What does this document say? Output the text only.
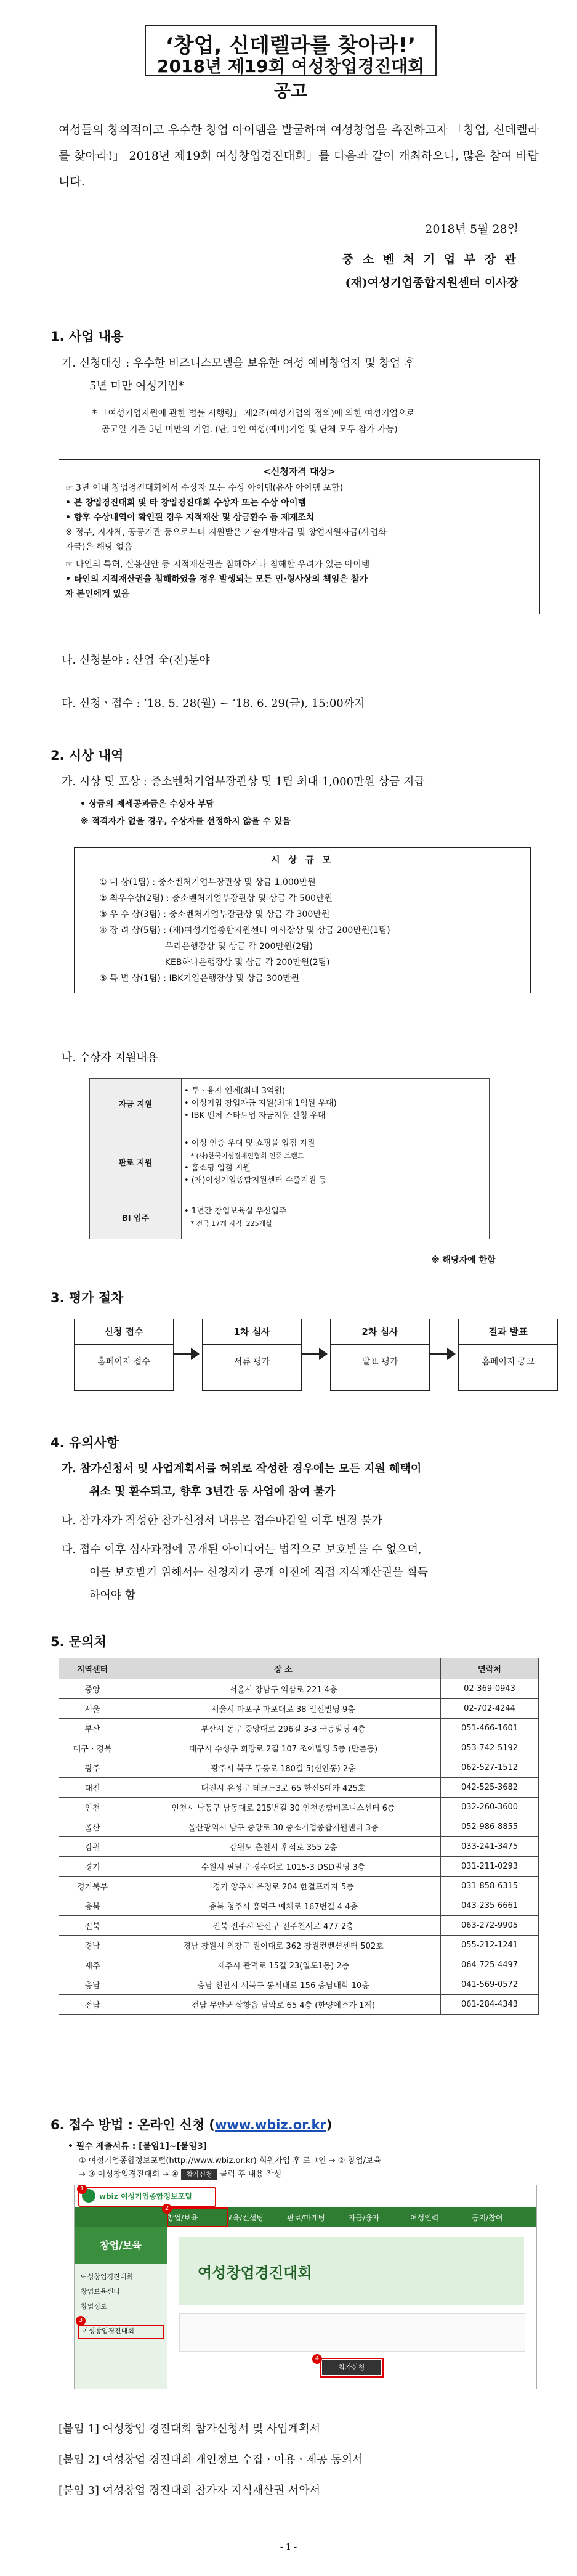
‘창업, 신데렐라를 찾아라!’
2018년 제19회 여성창업경진대회 공고
여성들의 창의적이고 우수한 창업 아이템을 발굴하여 여성창업을 촉진하고자 「창업, 신데렐라를 찾아라!」 2018년 제19회 여성창업경진대회」를 다음과 같이 개최하오니, 많은 참여 바랍니다.
2018년 5월 28일
중 소 벤 처 기 업 부 장 관
(재)여성기업종합지원센터 이사장
1. 사업 내용
가. 신청대상 : 우수한 비즈니스모델을 보유한 여성 예비창업자 및 창업 후
5년 미만 여성기업*
* 「여성기업지원에 관한 법률 시행령」 제2조(여성기업의 정의)에 의한 여성기업으로
공고일 기준 5년 미만의 기업. (단, 1인 여성(예비)기업 및 단체 모두 참가 가능)
<신청자격 대상>
☞ 3년 이내 창업경진대회에서 수상자 또는 수상 아이템(유사 아이템 포함)
• 본 창업경진대회 및 타 창업경진대회 수상자 또는 수상 아이템
• 향후 수상내역이 확인된 경우 지적재산 및 상금환수 등 제재조치
※ 정부, 지자체, 공공기관 등으로부터 지원받은 기술개발자금 및 창업지원자금(사업화
자금)은 해당 없음
☞ 타인의 특허, 실용신안 등 지적재산권을 침해하거나 침해할 우려가 있는 아이템
• 타인의 지적재산권을 침해하였을 경우 발생되는 모든 민·형사상의 책임은 참가
자 본인에게 있음
나. 신청분야 : 산업 全(전)분야
다. 신청ㆍ접수 : ‘18. 5. 28(월) ~ ‘18. 6. 29(금), 15:00까지
2. 시상 내역
가. 시상 및 포상 : 중소벤처기업부장관상 및 1팀 최대 1,000만원 상금 지급
• 상금의 제세공과금은 수상자 부담
※ 적격자가 없을 경우, 수상자를 선정하지 않을 수 있음
시 상 규 모
① 대 상(1팀) : 중소벤처기업부장관상 및 상금 1,000만원
② 최우수상(2팀) : 중소벤처기업부장관상 및 상금 각 500만원
③ 우 수 상(3팀) : 중소벤처기업부장관상 및 상금 각 300만원
④ 장 려 상(5팀) : (재)여성기업종합지원센터 이사장상 및 상금 200만원(1팀)
우리은행장상 및 상금 각 200만원(2팀)
KEB하나은행장상 및 상금 각 200만원(2팀)
⑤ 특 별 상(1팀) : IBK기업은행장상 및 상금 300만원
나. 수상자 지원내용
자금 지원	• 투ㆍ융자 연계(최대 3억원)
• 여성기업 창업자금 지원(최대 1억원 우대)
• IBK 벤처 스타트업 자금지원 신청 우대

판로 지원	• 여성 인증 우대 및 쇼핑몰 입점 지원
* (사)한국여성경제인협회 인증 브랜드
• 홈쇼핑 입점 지원
• (재)여성기업종합지원센터 수출지원 등

BI 입주	• 1년간 창업보육실 우선입주
* 전국 17개 지역, 225개실
※ 해당자에 한함
3. 평가 절차
신청 접수
홈페이지 접수
1차 심사
서류 평가
2차 심사
발표 평가
결과 발표
홈페이지 공고
4. 유의사항
가. 참가신청서 및 사업계획서를 허위로 작성한 경우에는 모든 지원 혜택이
취소 및 환수되고, 향후 3년간 동 사업에 참여 불가
나. 참가자가 작성한 참가신청서 내용은 접수마감일 이후 변경 불가
다. 접수 이후 심사과정에 공개된 아이디어는 법적으로 보호받을 수 없으며,
이를 보호받기 위해서는 신청자가 공개 이전에 직접 지식재산권을 획득
하여야 함
5. 문의처
지역센터	장 소	연락처
중앙	서울시 강남구 역삼로 221 4층	02-369-0943
서울	서울시 마포구 마포대로 38 일신빌딩 9층	02-702-4244
부산	부산시 동구 중앙대로 296길 3-3 국동빌딩 4층	051-466-1601
대구ㆍ경북	대구시 수성구 희망로 2길 107 조이빌딩 5층 (만촌동)	053-742-5192
광주	광주시 북구 무등로 180길 5(신안동) 2층	062-527-1512
대전	대전시 유성구 테크노3로 65 한신S메카 425호	042-525-3682
인천	인천시 남동구 남동대로 215번길 30 인천종합비즈니스센터 6층	032-260-3600
울산	울산광역시 남구 중앙로 30 중소기업종합지원센터 3층	052-986-8855
강원	강원도 춘천시 후석로 355 2층	033-241-3475
경기	수원시 팔달구 경수대로 1015-3 DSD빌딩 3층	031-211-0293
경기북부	경기 양주시 옥정로 204 한결프라자 5층	031-858-6315
충북	충북 청주시 흥덕구 예체로 167번길 4 4층	043-235-6661
전북	전북 전주시 완산구 전주천서로 477 2층	063-272-9905
경남	경남 창원시 의창구 원이대로 362 창원컨벤션센터 502호	055-212-1241
제주	제주시 관덕로 15길 23(일도1동) 2층	064-725-4497
충남	충남 천안시 서북구 동서대로 156 충남대학 10층	041-569-0572
전남	전남 무안군 삼향읍 남악로 65 4층 (한양에스가 1제)	061-284-4343
6. 접수 방법 : 온라인 신청 (www.wbiz.or.kr)
• 필수 제출서류 : [붙임1]~[붙임3]
① 여성기업종합정보포털(http://www.wbiz.or.kr) 회원가입 후 로그인 → ② 창업/보육
→ ③ 여성창업경진대회 → ④ 참가신청 클릭 후 내용 작성
wbiz 여성기업종합정보포털
1
창업/보육	교육/컨설팅	판로/마케팅	자금/융자	여성인력	공지/참여
창업/보육
여성창업경진대회
창업보육센터
창업정보
여성창업경진대회
3
여성창업경진대회
참가신청
4
2
[붙임 1] 여성창업 경진대회 참가신청서 및 사업계획서
[붙임 2] 여성창업 경진대회 개인정보 수집ㆍ이용ㆍ제공 동의서
[붙임 3] 여성창업 경진대회 참가자 지식재산권 서약서
- 1 -
